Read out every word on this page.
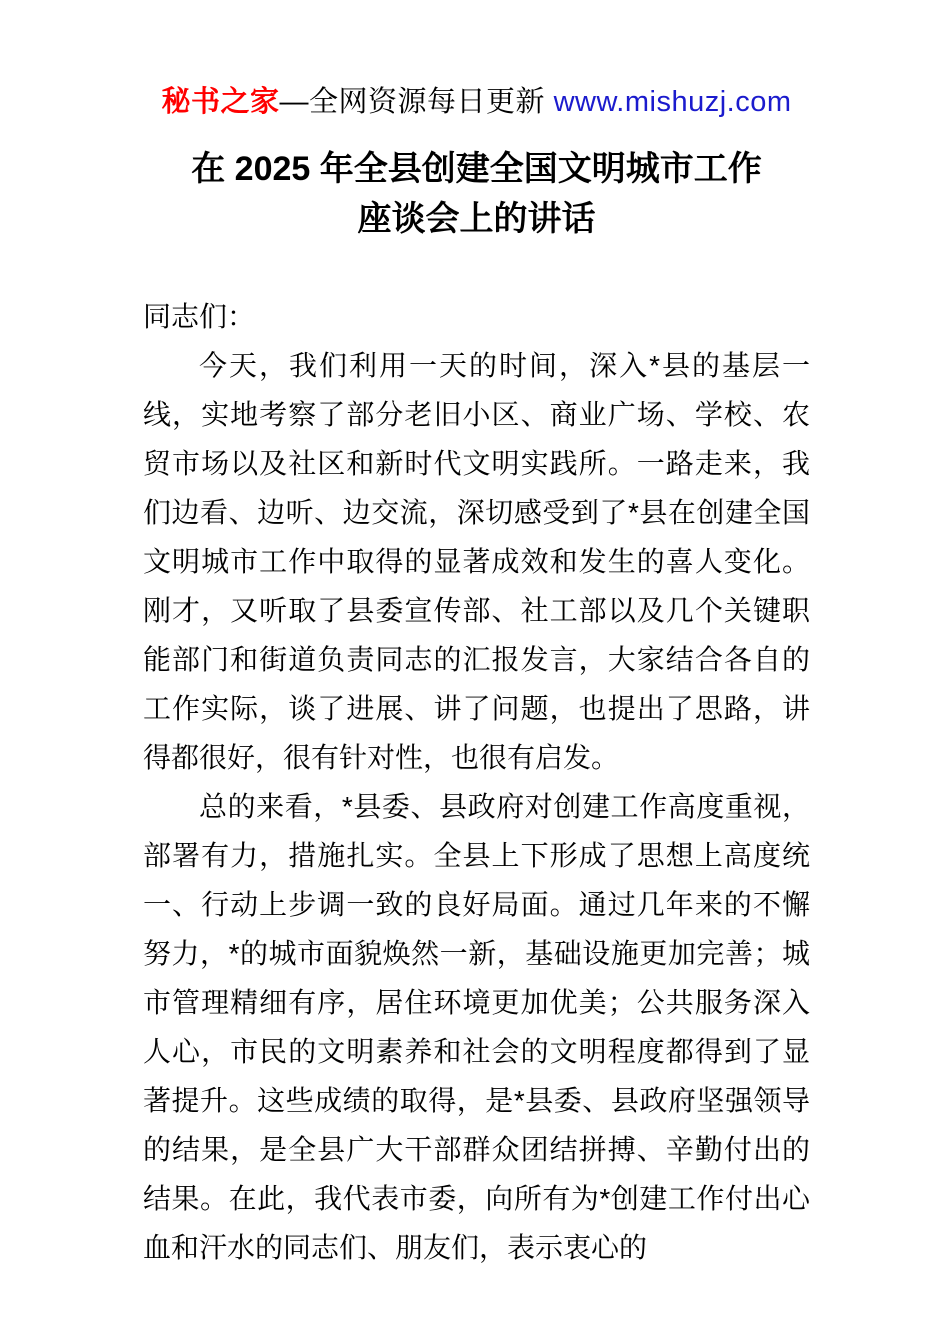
秘书之家—全网资源每日更新 www.mishuzj.com
在 2025 年全县创建全国文明城市工作
座谈会上的讲话

同志们：

今天，我们利用一天的时间，深入*县的基层一线，实地考察了部分老旧小区、商业广场、学校、农贸市场以及社区和新时代文明实践所。一路走来，我们边看、边听、边交流，深切感受到了*县在创建全国文明城市工作中取得的显著成效和发生的喜人变化。刚才，又听取了县委宣传部、社工部以及几个关键职能部门和街道负责同志的汇报发言，大家结合各自的工作实际，谈了进展、讲了问题，也提出了思路，讲得都很好，很有针对性，也很有启发。

总的来看，*县委、县政府对创建工作高度重视，部署有力，措施扎实。全县上下形成了思想上高度统一、行动上步调一致的良好局面。通过几年来的不懈努力，*的城市面貌焕然一新，基础设施更加完善；城市管理精细有序，居住环境更加优美；公共服务深入人心，市民的文明素养和社会的文明程度都得到了显著提升。这些成绩的取得，是*县委、县政府坚强领导的结果，是全县广大干部群众团结拼搏、辛勤付出的结果。在此，我代表市委，向所有为*创建工作付出心血和汗水的同志们、朋友们，表示衷心的
